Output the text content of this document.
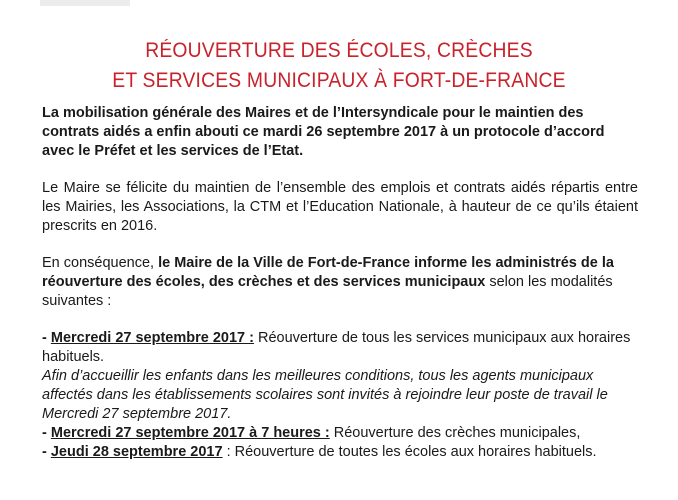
RÉOUVERTURE DES ÉCOLES, CRÈCHES
ET SERVICES MUNICIPAUX À FORT-DE-FRANCE

La mobilisation générale des Maires et de l’Intersyndicale pour le maintien des contrats aidés a enfin abouti ce mardi 26 septembre 2017 à un protocole d’accord avec le Préfet et les services de l’Etat.

Le Maire se félicite du maintien de l’ensemble des emplois et contrats aidés répartis entre les Mairies, les Associations, la CTM et l’Education Nationale, à hauteur de ce qu’ils étaient prescrits en 2016.

En conséquence, le Maire de la Ville de Fort-de-France informe les administrés de la réouverture des écoles, des crèches et des services municipaux selon les modalités suivantes :

- Mercredi 27 septembre 2017 : Réouverture de tous les services municipaux aux horaires habituels.

Afin d’accueillir les enfants dans les meilleures conditions, tous les agents municipaux affectés dans les établissements scolaires sont invités à rejoindre leur poste de travail le Mercredi 27 septembre 2017.

- Mercredi 27 septembre 2017 à 7 heures : Réouverture des crèches municipales,

- Jeudi 28 septembre 2017 : Réouverture de toutes les écoles aux horaires habituels.
